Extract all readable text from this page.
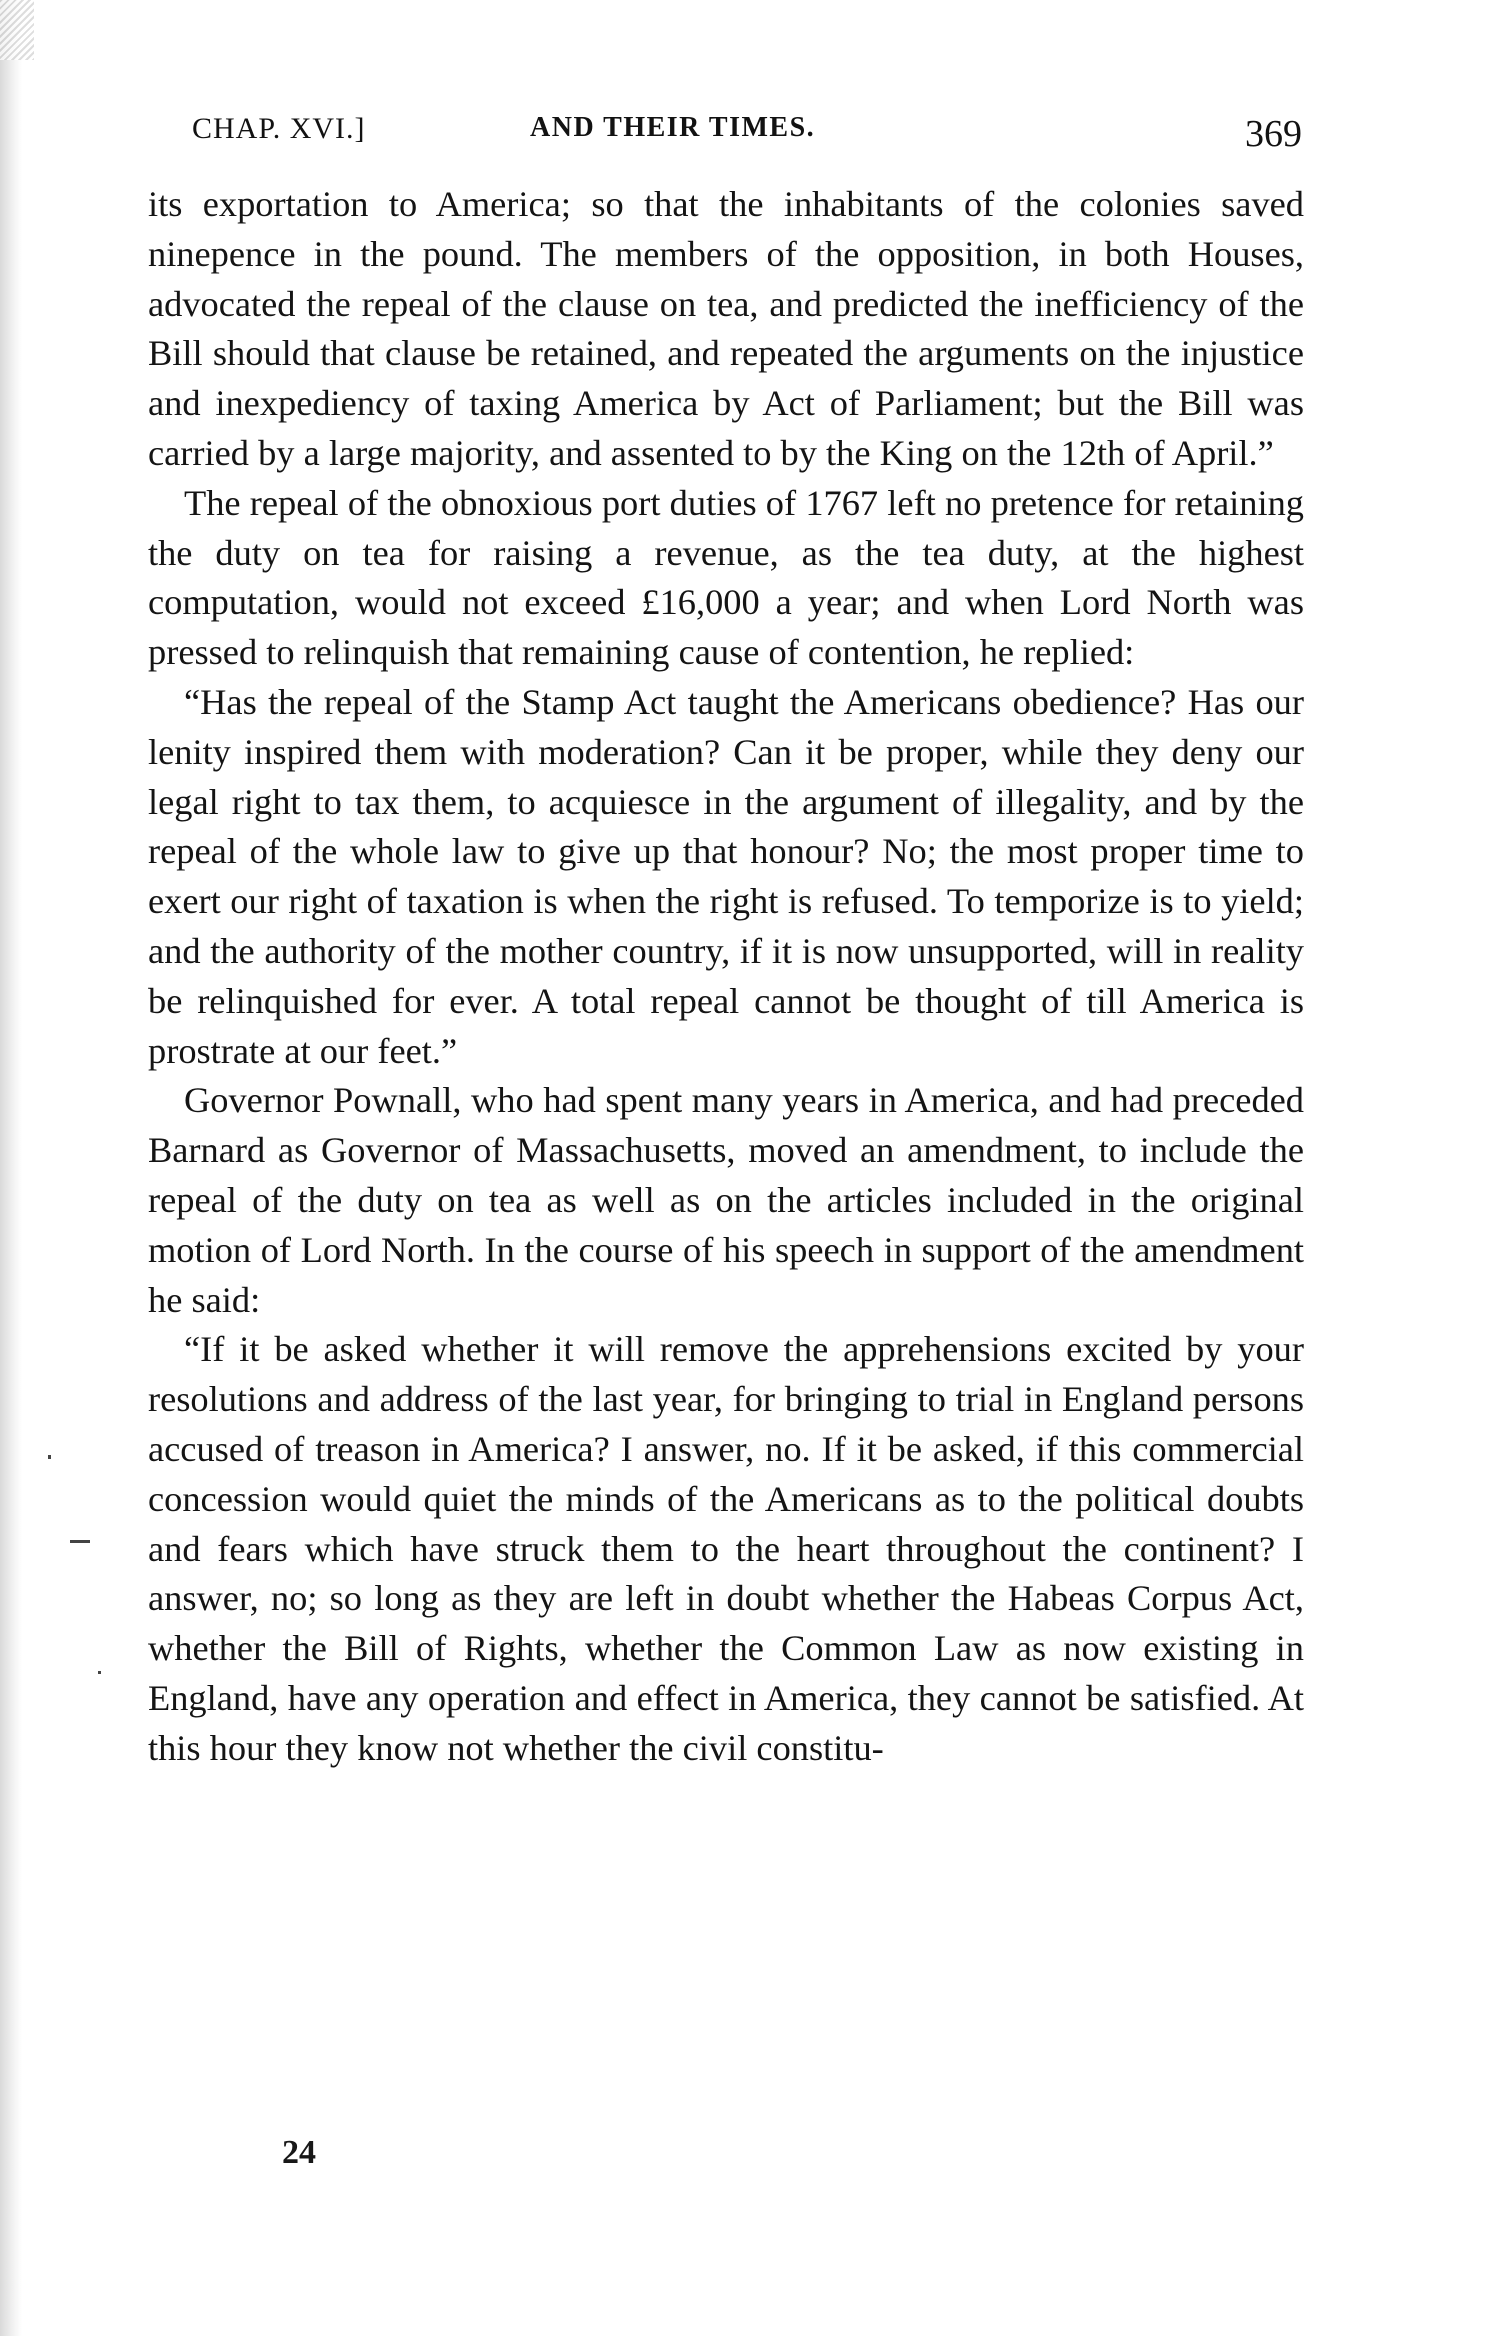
CHAP. XVI.]	AND THEIR TIMES.	369

its exportation to America; so that the inhabitants of the colonies saved ninepence in the pound. The members of the opposition, in both Houses, advocated the repeal of the clause on tea, and predicted the inefficiency of the Bill should that clause be retained, and repeated the arguments on the injustice and inexpediency of taxing America by Act of Parliament; but the Bill was carried by a large majority, and assented to by the King on the 12th of April.”

The repeal of the obnoxious port duties of 1767 left no pretence for retaining the duty on tea for raising a revenue, as the tea duty, at the highest computation, would not exceed £16,000 a year; and when Lord North was pressed to relinquish that remaining cause of contention, he replied:

“Has the repeal of the Stamp Act taught the Americans obedience? Has our lenity inspired them with moderation? Can it be proper, while they deny our legal right to tax them, to acquiesce in the argument of illegality, and by the repeal of the whole law to give up that honour? No; the most proper time to exert our right of taxation is when the right is refused. To temporize is to yield; and the authority of the mother country, if it is now unsupported, will in reality be relinquished for ever. A total repeal cannot be thought of till America is prostrate at our feet.”

Governor Pownall, who had spent many years in America, and had preceded Barnard as Governor of Massachusetts, moved an amendment, to include the repeal of the duty on tea as well as on the articles included in the original motion of Lord North. In the course of his speech in support of the amendment he said:

“If it be asked whether it will remove the apprehensions excited by your resolutions and address of the last year, for bringing to trial in England persons accused of treason in America? I answer, no. If it be asked, if this commercial concession would quiet the minds of the Americans as to the political doubts and fears which have struck them to the heart throughout the continent? I answer, no; so long as they are left in doubt whether the Habeas Corpus Act, whether the Bill of Rights, whether the Common Law as now existing in England, have any operation and effect in America, they cannot be satisfied. At this hour they know not whether the civil constitu-

24
